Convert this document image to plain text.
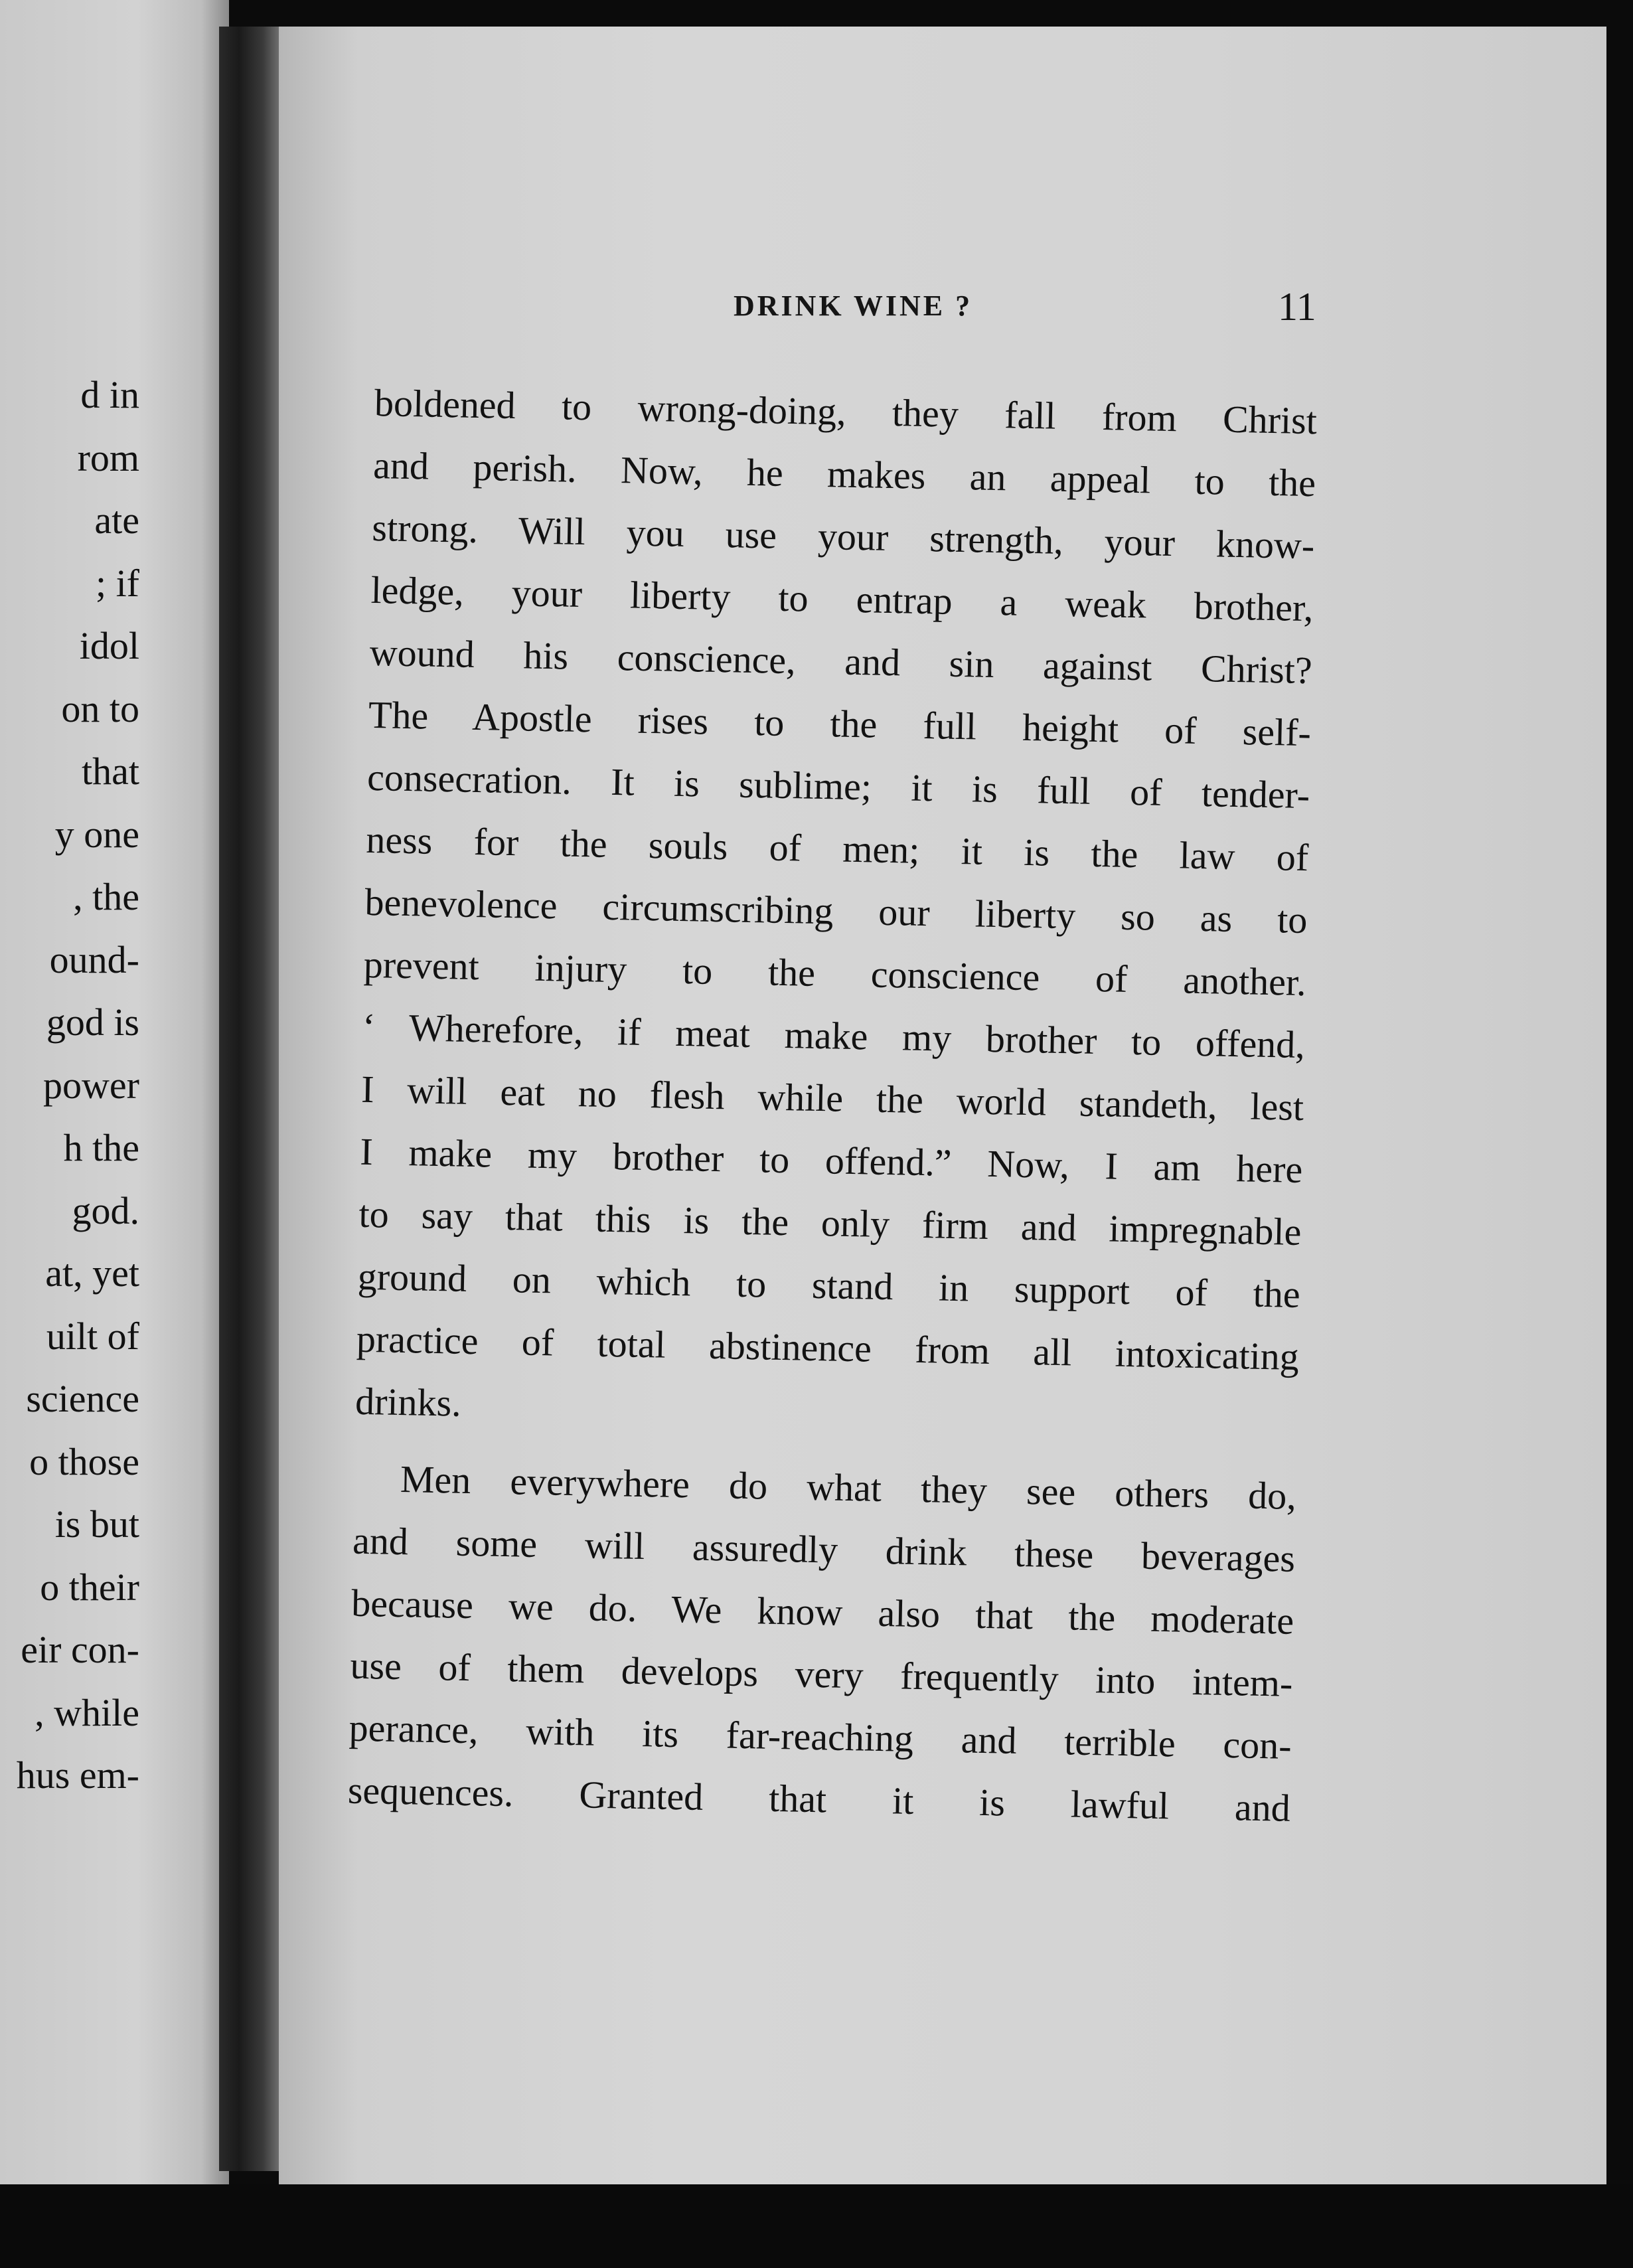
d in
rom
ate
; if
idol
on to
that
y one
, the
ound-
god is
power
h the
god.
at, yet
uilt of
science
o those
is but
o their
eir con-
, while
hus em-
DRINK WINE ?	11
boldened to wrong-doing, they fall from Christ
and perish. Now, he makes an appeal to the
strong. Will you use your strength, your know-
ledge, your liberty to entrap a weak brother,
wound his conscience, and sin against Christ?
The Apostle rises to the full height of self-
consecration. It is sublime; it is full of tender-
ness for the souls of men; it is the law of
benevolence circumscribing our liberty so as to
prevent injury to the conscience of another.
‘ Wherefore, if meat make my brother to offend,
I will eat no flesh while the world standeth, lest
I make my brother to offend.” Now, I am here
to say that this is the only firm and impregnable
ground on which to stand in support of the
practice of total abstinence from all intoxicating
drinks.
Men everywhere do what they see others do,
and some will assuredly drink these beverages
because we do. We know also that the moderate
use of them develops very frequently into intem-
perance, with its far-reaching and terrible con-
sequences. Granted that it is lawful and
